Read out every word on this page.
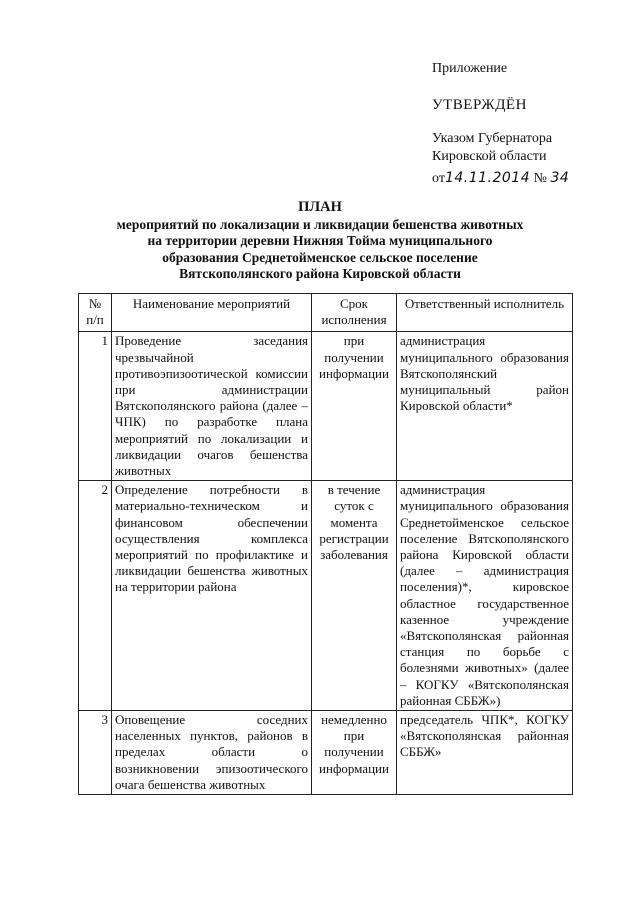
Приложение
УТВЕРЖДЁН
Указом Губернатора
Кировской области
от14.11.2014 № 34
ПЛАН
мероприятий по локализации и ликвидации бешенства животных
на территории деревни Нижняя Тойма муниципального
образования Среднетойменское сельское поселение
Вятскополянского района Кировской области
№ п/п	Наименование мероприятий	Срок исполнения	Ответственный исполнитель
1	Проведение заседания чрезвычайной противоэпизоотической комиссии при администрации Вятскополянского района (далее – ЧПК) по разработке плана мероприятий по локализации и ликвидации очагов бешенства животных	при получении информации	администрация муниципального образования Вятскополянский муниципальный район Кировской области*
2	Определение потребности в материально-техническом и финансовом обеспечении осуществления комплекса мероприятий по профилактике и ликвидации бешенства животных на территории района	в течение суток с момента регистрации заболевания	администрация муниципального образования Среднетойменское сельское поселение Вятскополянского района Кировской области (далее – администрация поселения)*, кировское областное государственное казенное учреждение «Вятскополянская районная станция по борьбе с болезнями животных» (далее – КОГКУ «Вятскополянская районная СББЖ»)
3	Оповещение соседних населенных пунктов, районов в пределах области о возникновении эпизоотического очага бешенства животных	немедленно при получении информации	председатель ЧПК*, КОГКУ «Вятскополянская районная СББЖ»
